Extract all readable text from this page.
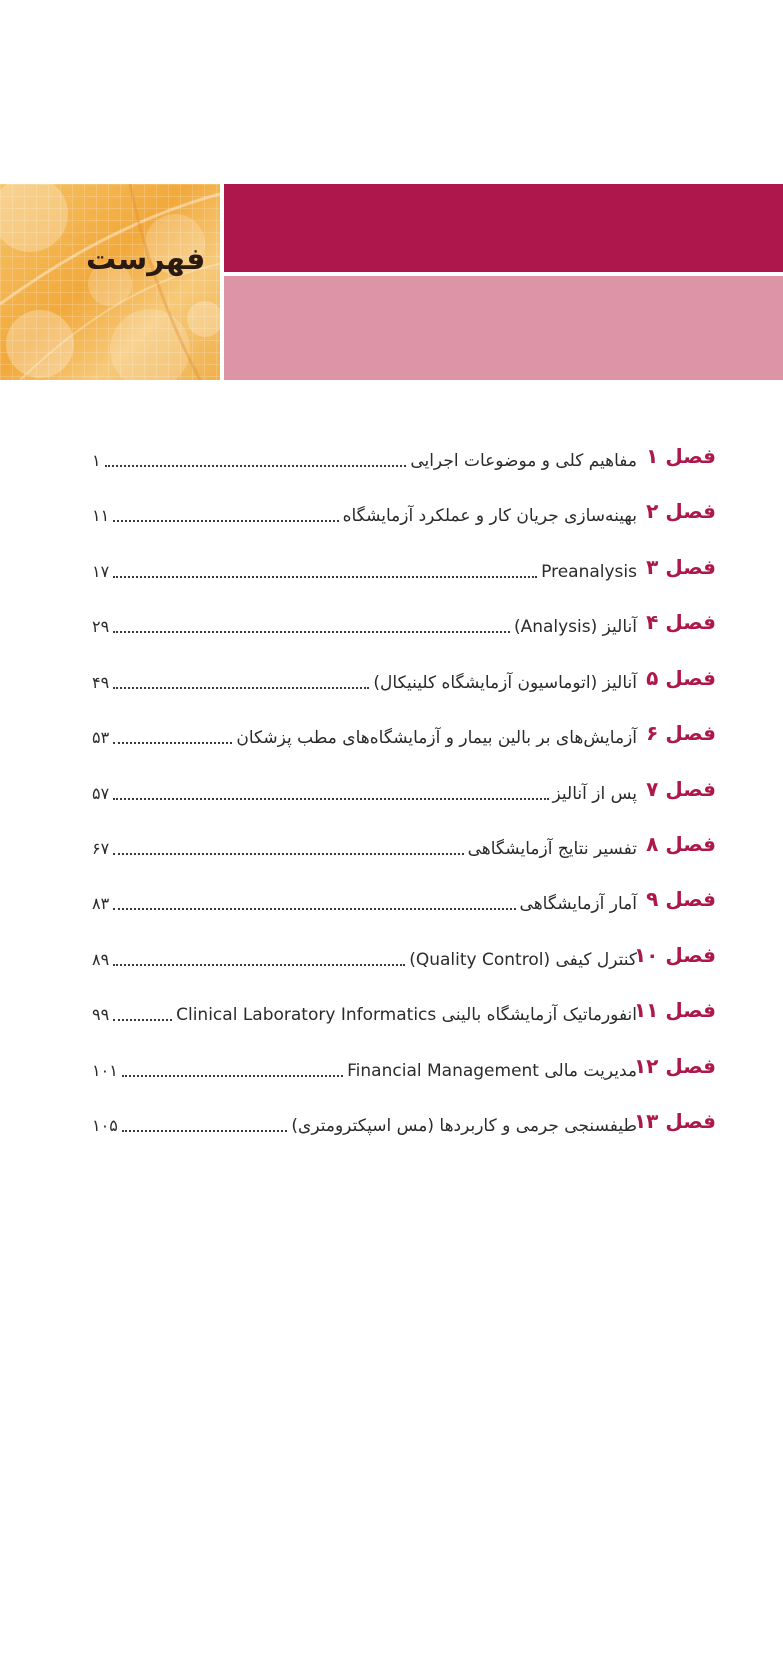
فهرست
فصل ۱
مفاهیم کلی و موضوعات اجرایی
۱
فصل ۲
بهینه‌سازی جریان کار و عملکرد آزمایشگاه
۱۱
فصل ۳
Preanalysis
۱۷
فصل ۴
آنالیز (Analysis)
۲۹
فصل ۵
آنالیز (اتوماسیون آزمایشگاه کلینیکال)
۴۹
فصل ۶
آزمایش‌های بر بالین بیمار و آزمایشگاه‌های مطب پزشکان
۵۳
فصل ۷
پس از آنالیز
۵۷
فصل ۸
تفسیر نتایج آزمایشگاهی
۶۷
فصل ۹
آمار آزمایشگاهی
۸۳
فصل ۱۰
کنترل کیفی (Quality Control)
۸۹
فصل ۱۱
انفورماتیک آزمایشگاه بالینی Clinical Laboratory Informatics
۹۹
فصل ۱۲
مدیریت مالی Financial Management
۱۰۱
فصل ۱۳
طیفسنجی جرمی و کاربردها (مس اسپکترومتری)
۱۰۵
